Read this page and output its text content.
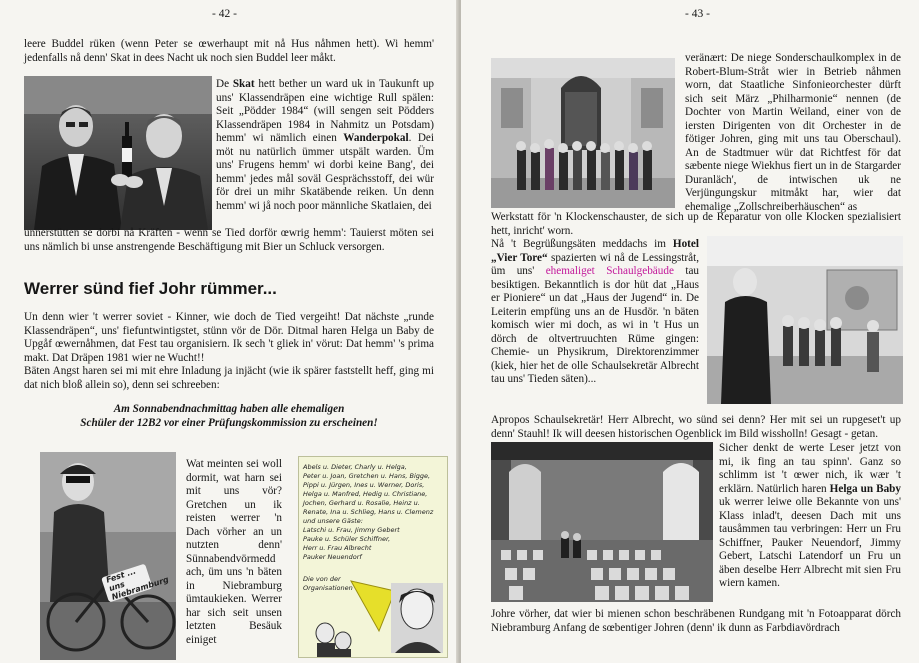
- 42 -

leere Buddel rüken (wenn Peter se œwerhaupt mit nå Hus nåhmen hett). Wi hemm' jedenfalls nå denn' Skat in dees Nacht uk noch sien Buddel leer måkt.

De Skat hett bether un ward uk in Taukunft up uns' Klassendräpen eine wichtige Rull spälen: Seit „Pödder 1984“ (will sengen seit Pödders Klassendräpen 1984 in Nahmitz un Potsdam) hemm' wi nämlich einen Wanderpokal. Dei möt nu natürlich ümmer utspält warden. Üm uns' Frugens hemm' wi dorbi keine Bang', dei hemm' jedes mål soväl Gesprächsstoff, dei wür för drei un mihr Skatäbende reiken. Un denn hemm' wi jå noch poor männliche Skatlaien, dei

unnerstütten se dorbi nå Kräften - wenn se Tied dorför œwrig hemm': Tauierst möten sei uns nämlich bi unse anstrengende Beschäftigung mit Bier un Schluck versorgen.

Werrer sünd fief Johr rümmer...

Un denn wier 't werrer soviet - Kinner, wie doch de Tied vergeiht! Dat nächste „runde Klassendräpen“, uns' fiefuntwintigstet, stünn vör de Dör. Ditmal haren Helga un Baby de Upgåf œwernåhmen, dat Fest tau organisiern. Ik sech 't gliek in' vörut: Dat hemm' 's prima makt. Dat Dräpen 1981 wier ne Wucht!!

Bäten Angst haren sei mi mit ehre Inladung ja injächt (wie ik spärer faststellt heff, ging mi dat nich bloß allein so), denn sei schreeben:

Am Sonnabendnachmittag haben alle ehemaligen
Schüler der 12B2 vor einer Prüfungskommission zu erscheinen!
Fest ... uns Niebramburg

Wat meinten sei woll dormit, wat harn sei mit uns vör? Gretchen un ik reisten werrer 'n Dach vörher an un nutzten denn' Sünnabendvörmedd ach, üm uns 'n bäten in Niebramburg ümtaukieken. Werrer har sich seit unsen letzten Besäuk einiget

Abels u. Dieter, Charly u. Helga,
Peter u. Joan, Gretchen u. Hans, Bigge,
Pippi u. Jürgen, Ines u. Werner, Doris,
Helga u. Manfred, Hedig u. Christiane,
Jochen, Gerhard u. Rosalie, Heinz u.
Renate, Ina u. Schlieg, Hans u. Clemenz
und unsere Gäste:
Latschi u. Frau, Jimmy Gebert
Pauke u. Schüler Schiffner,
Herr u. Frau Albrecht
Pauker Neuendorf
Die von der Organisationen
- 43 -

veränært: De niege Sonderschaulkomplex in de Robert-Blum-Stråt wier in Betrieb nåhmen worn, dat Staatliche Sinfonieorchester dürft sich seit März „Philharmonie“ nennen (de Dochter von Martin Weiland, einer von de iersten Dirigenten von dit Orchester in de fötiger Johren, ging mit uns tau Oberschaul). An de Stadtmuer wür dat Richtfest för dat sæbente niege Wiekhus fiert un in de Stargarder Duranläch', de intwischen uk ne Verjüngungskur mitmåkt har, wier dat ehemalige „Zollschreiberhäuschen“ as

Werkstatt för 'n Klockenschauster, de sich up de Reparatur von olle Klocken spezialisiert hett, inricht' worn.

Nå 't Begrüßungsäten meddachs im Hotel „Vier Tore“ spazierten wi nå de Lessingstråt, üm uns' ehemaliget Schaulgebäude tau besiktigen. Bekanntlich is dor hüt dat „Haus er Pioniere“ un dat „Haus der Jugend“ in. De Leiterin empfüng uns an de Husdör. 'n bäten komisch wier mi doch, as wi in 't Hus un dörch de oltvertruuchten Rüme gingen: Chemie- un Physikrum, Direktorenzimmer (kiek, hier het de olle Schaulsekretär Albrecht tau uns' Tieden säten)...

Apropos Schaulsekretär! Herr Albrecht, wo sünd sei denn? Her mit sei un rupgeset't up denn' Stauhl! Ik will deesen historischen Ogenblick im Bild wissholln! Gesagt - getan.

Sicher denkt de werte Leser jetzt von mi, ik fing an tau spinn'. Ganz so schlimm ist 't œwer nich, ik wær 't erklärn. Natürlich haren Helga un Baby uk werrer leiwe olle Bekannte von uns' Klass inlad't, deesen Dach mit uns tausåmmen tau verbringen: Herr un Fru Schiffner, Pauker Neuendorf, Jimmy Gebert, Latschi Latendorf un Fru un äben deselbe Herr Albrecht mit sien Fru wiern kamen.

Johre vörher, dat wier bi mienen schon beschräbenen Rundgang mit 'n Fotoapparat dörch Niebramburg Anfang de sœbentiger Johren (denn' ik dunn as Farbdiavördrach
